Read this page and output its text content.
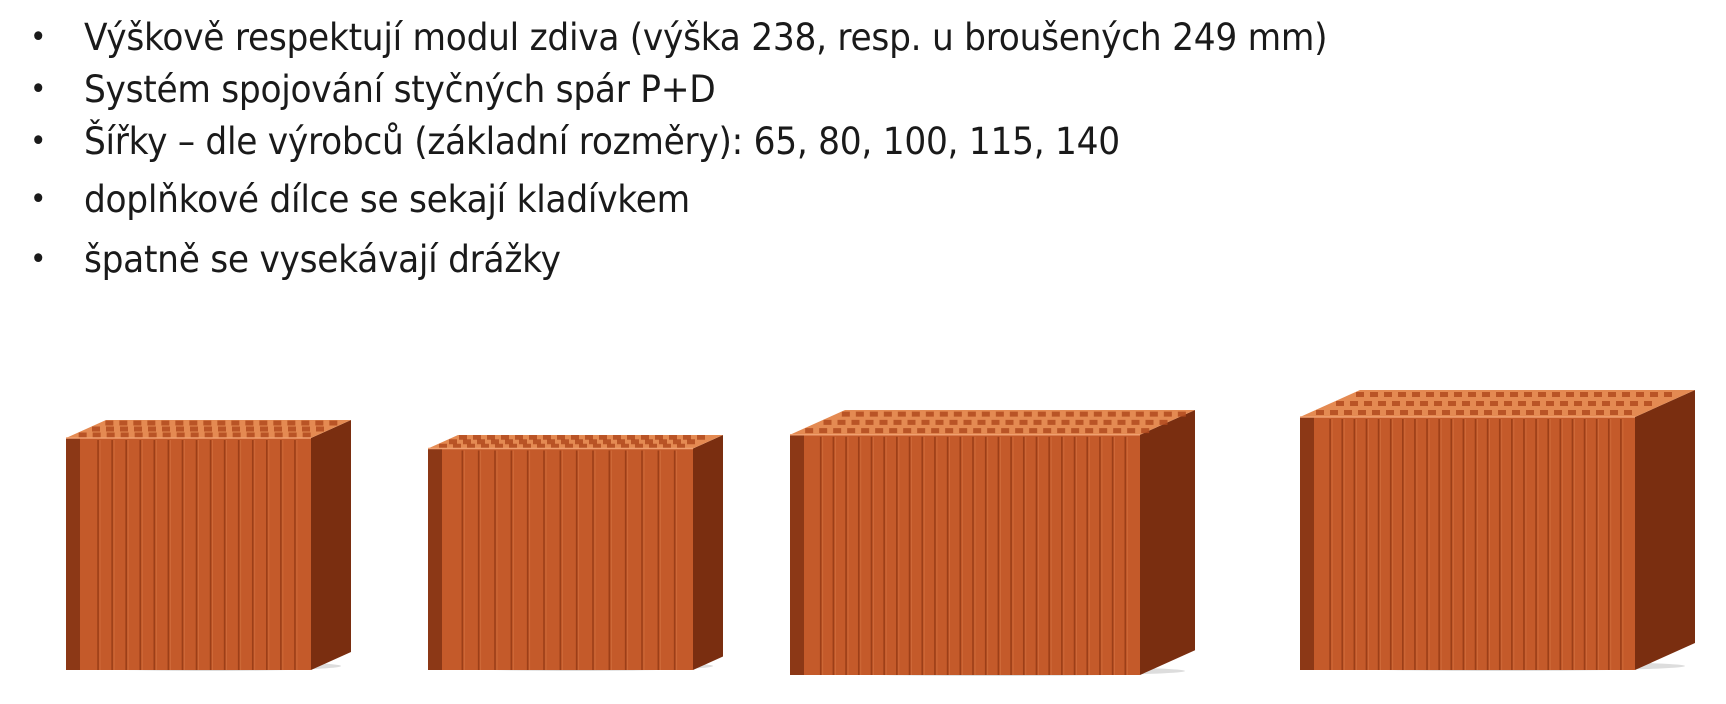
• Výškově respektují modul zdiva (výška 238, resp. u broušených 249 mm)
• Systém spojování styčných spár P+D
• Šířky – dle výrobců (základní rozměry): 65, 80, 100, 115, 140
• doplňkové dílce se sekají kladívkem
• špatně se vysekávají drážky
